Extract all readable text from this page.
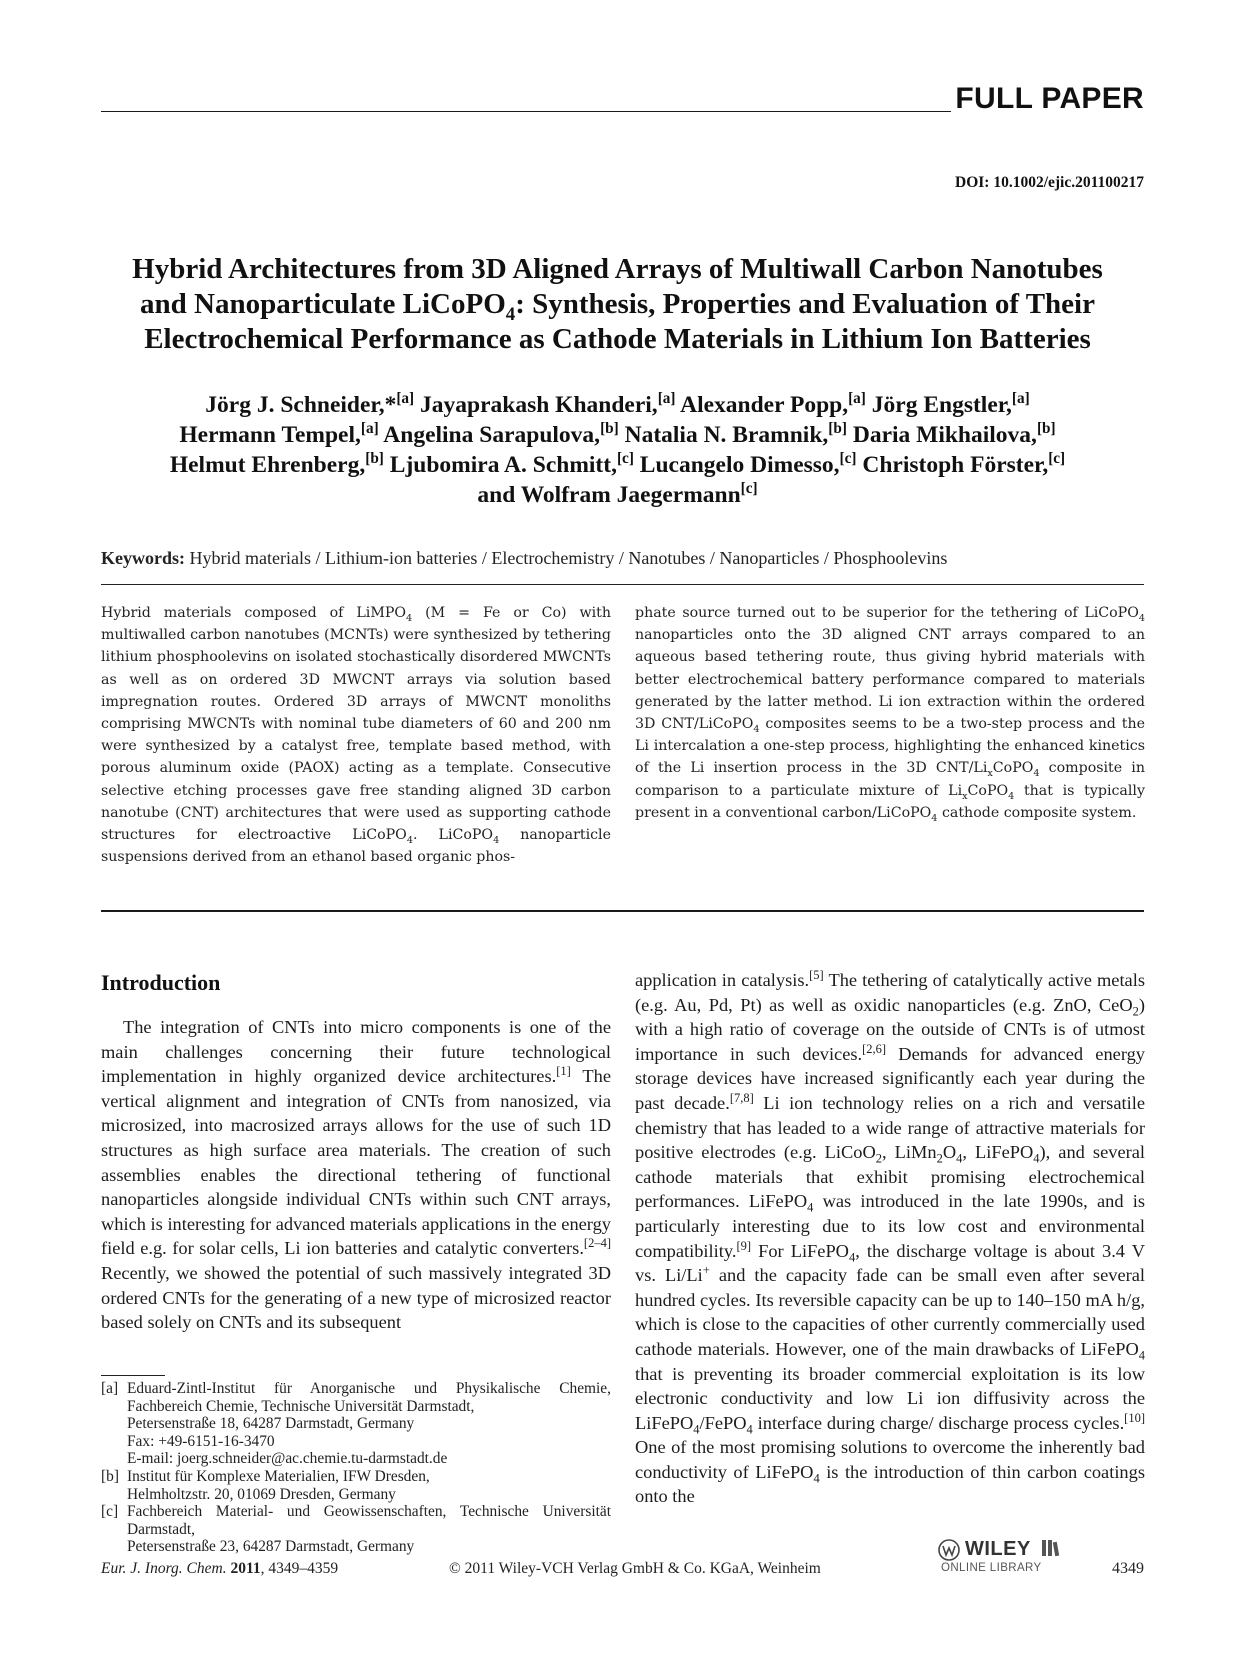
FULL PAPER
DOI: 10.1002/ejic.201100217
Hybrid Architectures from 3D Aligned Arrays of Multiwall Carbon Nanotubes
and Nanoparticulate LiCoPO$_4$: Synthesis, Properties and Evaluation of Their
Electrochemical Performance as Cathode Materials in Lithium Ion Batteries
Jörg J. Schneider,*[a] Jayaprakash Khanderi,[a] Alexander Popp,[a] Jörg Engstler,[a]
Hermann Tempel,[a] Angelina Sarapulova,[b] Natalia N. Bramnik,[b] Daria Mikhailova,[b]
Helmut Ehrenberg,[b] Ljubomira A. Schmitt,[c] Lucangelo Dimesso,[c] Christoph Förster,[c]
and Wolfram Jaegermann[c]
Keywords: Hybrid materials / Lithium-ion batteries / Electrochemistry / Nanotubes / Nanoparticles / Phosphoolevins
Hybrid materials composed of LiMPO$_4$ (M = Fe or Co) with multiwalled carbon nanotubes (MCNTs) were synthesized by tethering lithium phosphoolevins on isolated stochastically disordered MWCNTs as well as on ordered 3D MWCNT arrays via solution based impregnation routes. Ordered 3D arrays of MWCNT monoliths comprising MWCNTs with nominal tube diameters of 60 and 200 nm were synthesized by a catalyst free, template based method, with porous aluminum oxide (PAOX) acting as a template. Consecutive selective etching processes gave free standing aligned 3D carbon nanotube (CNT) architectures that were used as supporting cathode structures for electroactive LiCoPO$_4$. LiCoPO$_4$ nanoparticle suspensions derived from an ethanol based organic phos-
phate source turned out to be superior for the tethering of LiCoPO$_4$ nanoparticles onto the 3D aligned CNT arrays compared to an aqueous based tethering route, thus giving hybrid materials with better electrochemical battery performance compared to materials generated by the latter method. Li ion extraction within the ordered 3D CNT/LiCoPO$_4$ composites seems to be a two-step process and the Li intercalation a one-step process, highlighting the enhanced kinetics of the Li insertion process in the 3D CNT/$Li_xCoPO_4$ composite in comparison to a particulate mixture of $Li_xCoPO_4$ that is typically present in a conventional carbon/LiCoPO$_4$ cathode composite system.
Introduction

The integration of CNTs into micro components is one of the main challenges concerning their future technological implementation in highly organized device architectures.[1] The vertical alignment and integration of CNTs from nanosized, via microsized, into macrosized arrays allows for the use of such 1D structures as high surface area materials. The creation of such assemblies enables the directional tethering of functional nanoparticles alongside individual CNTs within such CNT arrays, which is interesting for advanced materials applications in the energy field e.g. for solar cells, Li ion batteries and catalytic converters.[2–4] Recently, we showed the potential of such massively integrated 3D ordered CNTs for the generating of a new type of microsized reactor based solely on CNTs and its subsequent

application in catalysis.[5] The tethering of catalytically active metals (e.g. Au, Pd, Pt) as well as oxidic nanoparticles (e.g. ZnO, CeO$_2$) with a high ratio of coverage on the outside of CNTs is of utmost importance in such devices.[2,6] Demands for advanced energy storage devices have increased significantly each year during the past decade.[7,8] Li ion technology relies on a rich and versatile chemistry that has leaded to a wide range of attractive materials for positive electrodes (e.g. LiCoO$_2$, $LiMn_2O_4$, LiFePO$_4$), and several cathode materials that exhibit promising electrochemical performances. LiFePO$_4$ was introduced in the late 1990s, and is particularly interesting due to its low cost and environmental compatibility.[9] For LiFePO$_4$, the discharge voltage is about 3.4 V vs. Li/Li+ and the capacity fade can be small even after several hundred cycles. Its reversible capacity can be up to 140–150 mA h/g, which is close to the capacities of other currently commercially used cathode materials. However, one of the main drawbacks of LiFePO$_4$ that is preventing its broader commercial exploitation is its low electronic conductivity and low Li ion diffusivity across the LiFePO$_4$/FePO$_4$ interface during charge/ discharge process cycles.[10] One of the most promising solutions to overcome the inherently bad conductivity of LiFePO$_4$ is the introduction of thin carbon coatings onto the

[a] Eduard-Zintl-Institut für Anorganische und Physikalische Chemie, Fachbereich Chemie, Technische Universität Darmstadt,
Petersenstraße 18, 64287 Darmstadt, Germany
Fax: +49-6151-16-3470
E-mail: joerg.schneider@ac.chemie.tu-darmstadt.de
[b] Institut für Komplexe Materialien, IFW Dresden,
Helmholtzstr. 20, 01069 Dresden, Germany
[c] Fachbereich Material- und Geowissenschaften, Technische Universität Darmstadt,
Petersenstraße 23, 64287 Darmstadt, Germany
Eur. J. Inorg. Chem. 2011, 4349–4359	© 2011 Wiley-VCH Verlag GmbH & Co. KGaA, Weinheim
WILEY
ONLINE LIBRARY	4349
